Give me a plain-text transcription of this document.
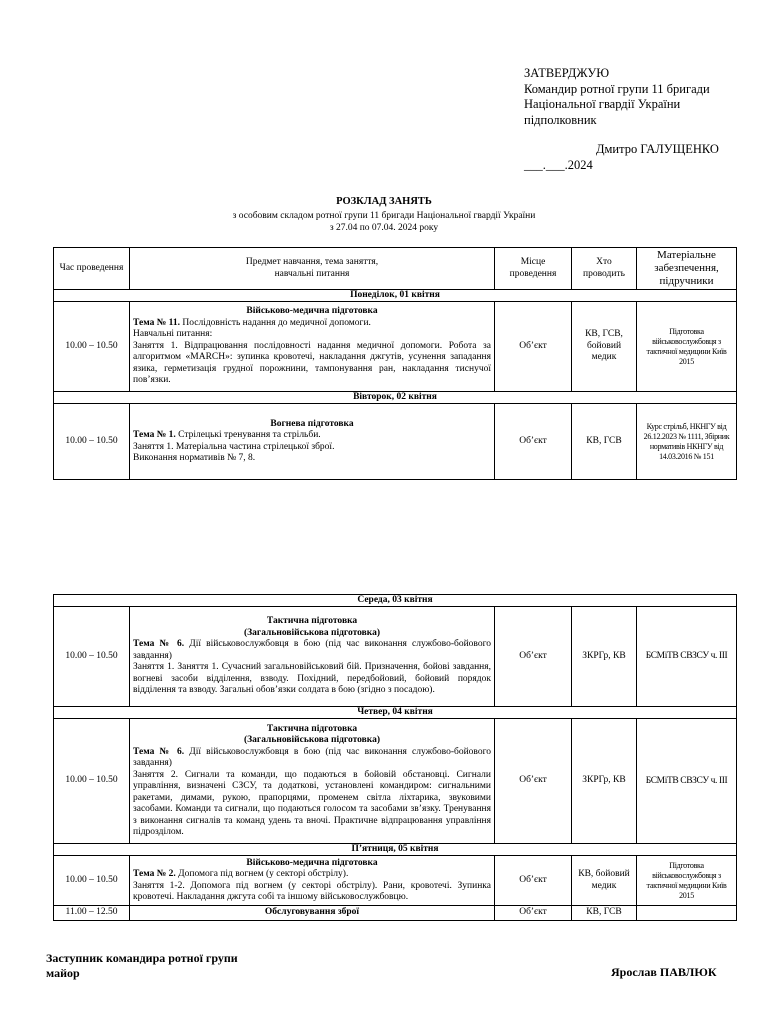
ЗАТВЕРДЖУЮ
Командир ротної групи 11 бригади
Національної гвардії України
підполковник
Дмитро ГАЛУЩЕНКО
___.___.2024
РОЗКЛАД ЗАНЯТЬ
з особовим складом ротної групи 11 бригади Національної гвардії України
з 27.04 по 07.04. 2024 року
Час проведення	Предмет навчання, тема заняття,
навчальні питання	Місце проведення	Хто проводить	Матеріальне забезпечення, підручники
Понеділок, 01 квітня				
10.00 – 10.50	Військово-медична підготовка
Тема № 11. Послідовність надання до медичної допомоги.
Навчальні питання:
Заняття 1. Відпрацювання послідовності надання медичної допомоги. Робота за алгоритмом «MARCH»: зупинка кровотечі, накладання джгутів, усунення западання язика, герметизація грудної порожнини, тампонування ран, накладання тиснучої пов’язки.	Об’єкт	КВ, ГСВ, бойовий медик	Підготовка військовослужбовця з тактичної медицини Київ 2015
Вівторок, 02 квітня				
10.00 – 10.50	Вогнева підготовка
Тема № 1. Стрілецькі тренування та стрільби.
Заняття 1. Матеріальна частина стрілецької зброї.
Виконання нормативів № 7, 8.	Об’єкт	КВ, ГСВ	Курс стрільб, НКНГУ від 26.12.2023 № 1111, Збірник нормативів НКНГУ від 14.03.2016 № 151
Середа, 03 квітня				
10.00 – 10.50	Тактична підготовка
(Загальновійськова підготовка)
Тема № 6. Дії військовослужбовця в бою (під час виконання службово-бойового завдання)
Заняття 1. Заняття 1. Сучасний загальновійськовий бій. Призначення, бойові завдання, вогневі засоби відділення, взводу. Похідний, передбойовий, бойовий порядок відділення та взводу. Загальні обов’язки солдата в бою (згідно з посадою).	Об’єкт	ЗКРГр, КВ	БСМіТВ СВЗСУ ч. ІІІ
Четвер, 04 квітня				
10.00 – 10.50	Тактична підготовка
(Загальновійськова підготовка)
Тема № 6. Дії військовослужбовця в бою (під час виконання службово-бойового завдання)
Заняття 2. Сигнали та команди, що подаються в бойовій обстановці. Сигнали управління, визначені СЗСУ, та додаткові, установлені командиром: сигнальними ракетами, димами, рукою, прапорцями, променем світла ліхтарика, звуковими засобами. Команди та сигнали, що подаються голосом та засобами зв’язку. Тренування з виконання сигналів та команд удень та вночі. Практичне відпрацювання управління підрозділом.	Об’єкт	ЗКРГр, КВ	БСМіТВ СВЗСУ ч. ІІІ
П’ятниця, 05 квітня				
10.00 – 10.50	Військово-медична підготовка
Тема № 2. Допомога під вогнем (у секторі обстрілу).
Заняття 1-2. Допомога під вогнем (у секторі обстрілу). Рани, кровотечі. Зупинка кровотечі. Накладання джгута собі та іншому військовослужбовцю.	Об’єкт	КВ, бойовий медик	Підготовка військовослужбовця з тактичної медицини Київ 2015
11.00 – 12.50	Обслуговування зброї	Об’єкт	КВ, ГСВ	
Заступник командира ротної групи
майор	Ярослав ПАВЛЮК
